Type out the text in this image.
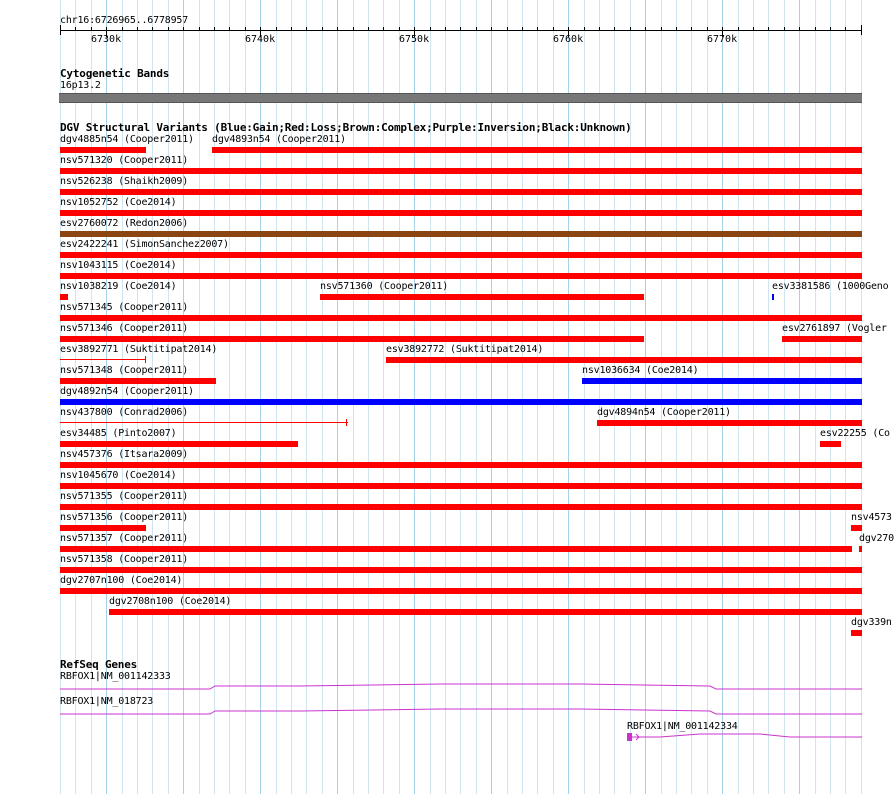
chr16:6726965..6778957
6730k	6740k	6750k	6760k	6770k
Cytogenetic Bands
16p13.2
DGV Structural Variants (Blue:Gain;Red:Loss;Brown:Complex;Purple:Inversion;Black:Unknown)
dgv4885n54 (Cooper2011) dgv4893n54 (Cooper2011)
nsv571320 (Cooper2011)
nsv526238 (Shaikh2009)
nsv1052752 (Coe2014)
esv2760072 (Redon2006)
esv2422241 (SimonSanchez2007)
nsv1043115 (Coe2014)
nsv1038219 (Coe2014)	nsv571360 (Cooper2011)	esv3381586 (1000Geno
nsv571345 (Cooper2011)
nsv571346 (Cooper2011)	esv2761897 (Vogler
esv3892771 (Suktitipat2014)	esv3892772 (Suktitipat2014)
nsv571348 (Cooper2011)	nsv1036634 (Coe2014)
dgv4892n54 (Cooper2011)
nsv437800 (Conrad2006)	dgv4894n54 (Cooper2011)
esv34485 (Pinto2007)	esv22255 (Co
nsv457376 (Itsara2009)
nsv1045670 (Coe2014)
nsv571355 (Cooper2011)
nsv571356 (Cooper2011)	nsv4573
nsv571357 (Cooper2011)	dgv270
nsv571358 (Cooper2011)
dgv2707n100 (Coe2014)
dgv2708n100 (Coe2014)
dgv339n
RefSeq Genes
RBFOX1|NM_001142333
RBFOX1|NM_018723
RBFOX1|NM_001142334
